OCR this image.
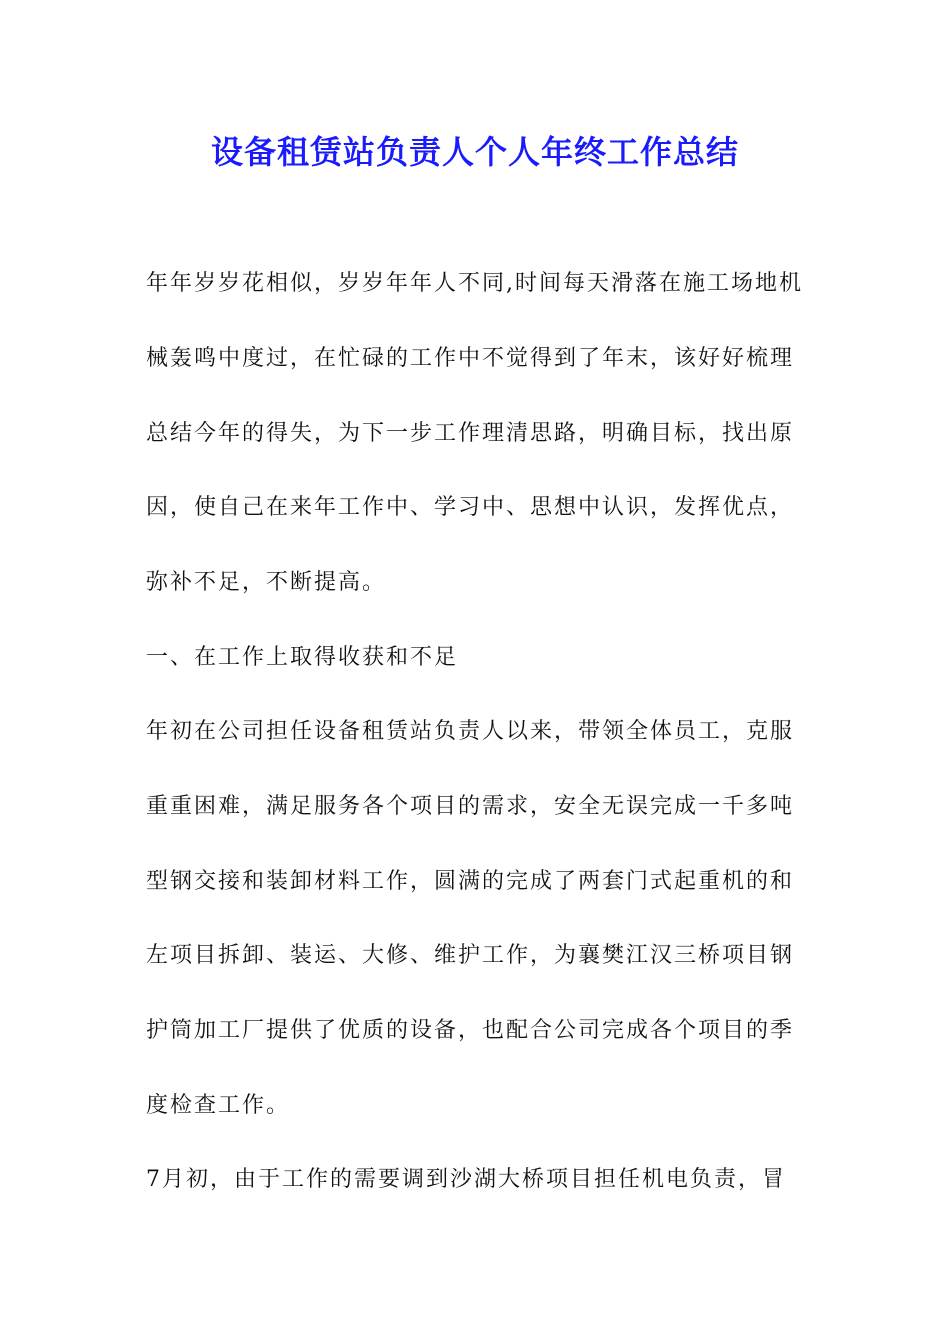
设备租赁站负责人个人年终工作总结
年年岁岁花相似，岁岁年年人不同,时间每天滑落在施工场地机
械轰鸣中度过，在忙碌的工作中不觉得到了年末，该好好梳理
总结今年的得失，为下一步工作理清思路，明确目标，找出原
因，使自己在来年工作中、学习中、思想中认识，发挥优点，
弥补不足，不断提高。
一、在工作上取得收获和不足
年初在公司担任设备租赁站负责人以来，带领全体员工，克服
重重困难，满足服务各个项目的需求，安全无误完成一千多吨
型钢交接和装卸材料工作，圆满的完成了两套门式起重机的和
左项目拆卸、装运、大修、维护工作，为襄樊江汉三桥项目钢
护筒加工厂提供了优质的设备，也配合公司完成各个项目的季
度检查工作。
7月初，由于工作的需要调到沙湖大桥项目担任机电负责，冒
